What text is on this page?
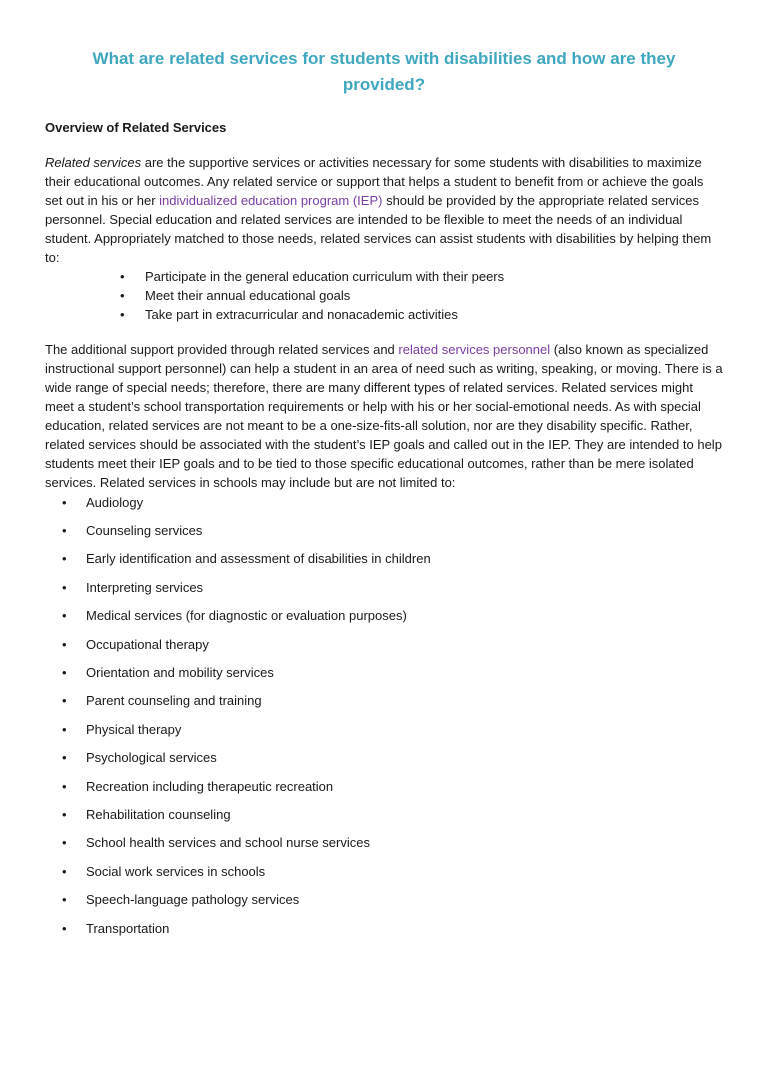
What are related services for students with disabilities and how are they provided?
Overview of Related Services

Related services are the supportive services or activities necessary for some students with disabilities to maximize their educational outcomes. Any related service or support that helps a student to benefit from or achieve the goals set out in his or her individualized education program (IEP) should be provided by the appropriate related services personnel. Special education and related services are intended to be flexible to meet the needs of an individual student. Appropriately matched to those needs, related services can assist students with disabilities by helping them to:

• Participate in the general education curriculum with their peers
• Meet their annual educational goals
• Take part in extracurricular and nonacademic activities

The additional support provided through related services and related services personnel (also known as specialized instructional support personnel) can help a student in an area of need such as writing, speaking, or moving. There is a wide range of special needs; therefore, there are many different types of related services. Related services might meet a student’s school transportation requirements or help with his or her social-emotional needs. As with special education, related services are not meant to be a one-size-fits-all solution, nor are they disability specific. Rather, related services should be associated with the student’s IEP goals and called out in the IEP. They are intended to help students meet their IEP goals and to be tied to those specific educational outcomes, rather than be mere isolated services. Related services in schools may include but are not limited to:

• Audiology
• Counseling services
• Early identification and assessment of disabilities in children
• Interpreting services
• Medical services (for diagnostic or evaluation purposes)
• Occupational therapy
• Orientation and mobility services
• Parent counseling and training
• Physical therapy
• Psychological services
• Recreation including therapeutic recreation
• Rehabilitation counseling
• School health services and school nurse services
• Social work services in schools
• Speech-language pathology services
• Transportation
